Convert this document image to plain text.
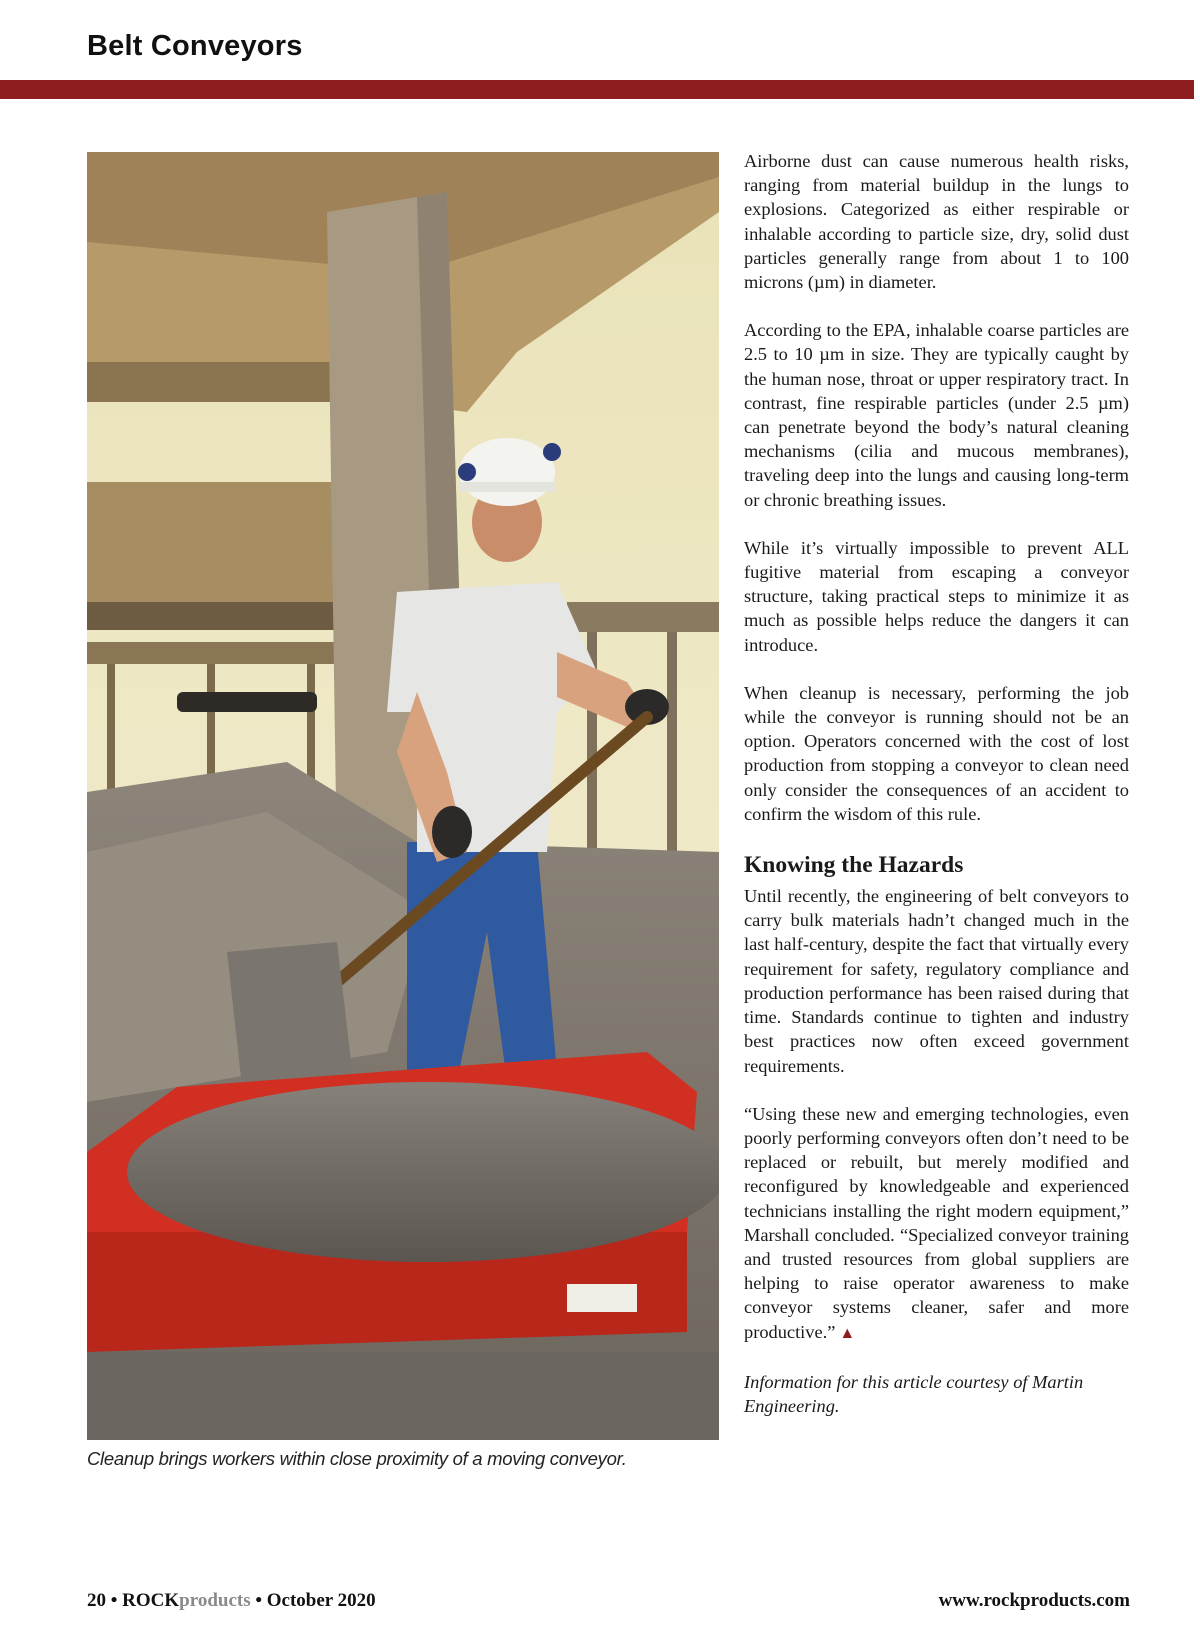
Belt Conveyors
Cleanup brings workers within close proximity of a moving conveyor.

Airborne dust can cause numerous health risks, ranging from material buildup in the lungs to explosions. Categorized as either respirable or inhalable according to particle size, dry, solid dust particles generally range from about 1 to 100 microns (µm) in diameter.

According to the EPA, inhalable coarse particles are 2.5 to 10 µm in size. They are typically caught by the human nose, throat or upper respiratory tract. In contrast, fine respirable particles (under 2.5 µm) can penetrate beyond the body’s natural cleaning mechanisms (cilia and mucous membranes), traveling deep into the lungs and causing long-term or chronic breathing issues.

While it’s virtually impossible to prevent ALL fugitive material from escaping a conveyor structure, taking practical steps to minimize it as much as possible helps reduce the dangers it can introduce.

When cleanup is necessary, performing the job while the conveyor is running should not be an option. Operators concerned with the cost of lost production from stopping a conveyor to clean need only consider the consequences of an accident to confirm the wisdom of this rule.

Knowing the Hazards

Until recently, the engineering of belt conveyors to carry bulk materials hadn’t changed much in the last half-century, despite the fact that virtually every requirement for safety, regulatory compliance and production performance has been raised during that time. Standards continue to tighten and industry best practices now often exceed government requirements.

“Using these new and emerging technologies, even poorly performing conveyors often don’t need to be replaced or rebuilt, but merely modified and reconfigured by knowledgeable and experienced technicians installing the right modern equipment,” Marshall concluded. “Specialized conveyor training and trusted resources from global suppliers are helping to raise operator awareness to make conveyor systems cleaner, safer and more productive.” ▲

Information for this article courtesy of Martin Engineering.

20 • ROCKproducts • October 2020	www.rockproducts.com
